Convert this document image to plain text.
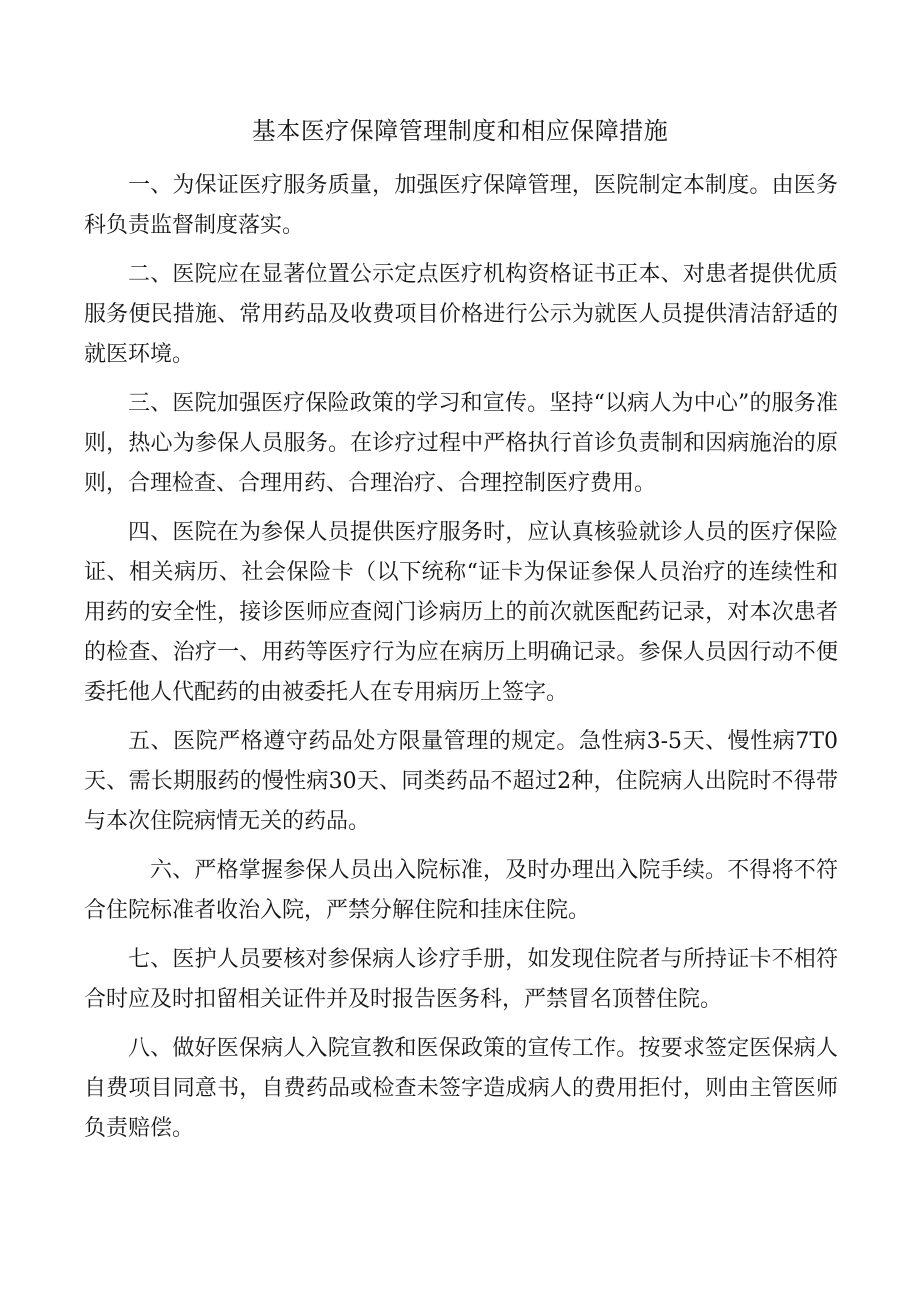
基本医疗保障管理制度和相应保障措施

一、为保证医疗服务质量，加强医疗保障管理，医院制定本制度。由医务科负责监督制度落实。

二、医院应在显著位置公示定点医疗机构资格证书正本、对患者提供优质服务便民措施、常用药品及收费项目价格进行公示为就医人员提供清洁舒适的就医环境。

三、医院加强医疗保险政策的学习和宣传。坚持“以病人为中心”的服务准则，热心为参保人员服务。在诊疗过程中严格执行首诊负责制和因病施治的原则，合理检查、合理用药、合理治疗、合理控制医疗费用。

四、医院在为参保人员提供医疗服务时，应认真核验就诊人员的医疗保险证、相关病历、社会保险卡（以下统称“证卡为保证参保人员治疗的连续性和用药的安全性，接诊医师应查阅门诊病历上的前次就医配药记录，对本次患者的检查、治疗一、用药等医疗行为应在病历上明确记录。参保人员因行动不便委托他人代配药的由被委托人在专用病历上签字。

五、医院严格遵守药品处方限量管理的规定。急性病3-5天、慢性病7T0天、需长期服药的慢性病30天、同类药品不超过2种，住院病人出院时不得带与本次住院病情无关的药品。

六、严格掌握参保人员出入院标准，及时办理出入院手续。不得将不符合住院标准者收治入院，严禁分解住院和挂床住院。

七、医护人员要核对参保病人诊疗手册，如发现住院者与所持证卡不相符合时应及时扣留相关证件并及时报告医务科，严禁冒名顶替住院。

八、做好医保病人入院宣教和医保政策的宣传工作。按要求签定医保病人自费项目同意书，自费药品或检查未签字造成病人的费用拒付，则由主管医师负责赔偿。
